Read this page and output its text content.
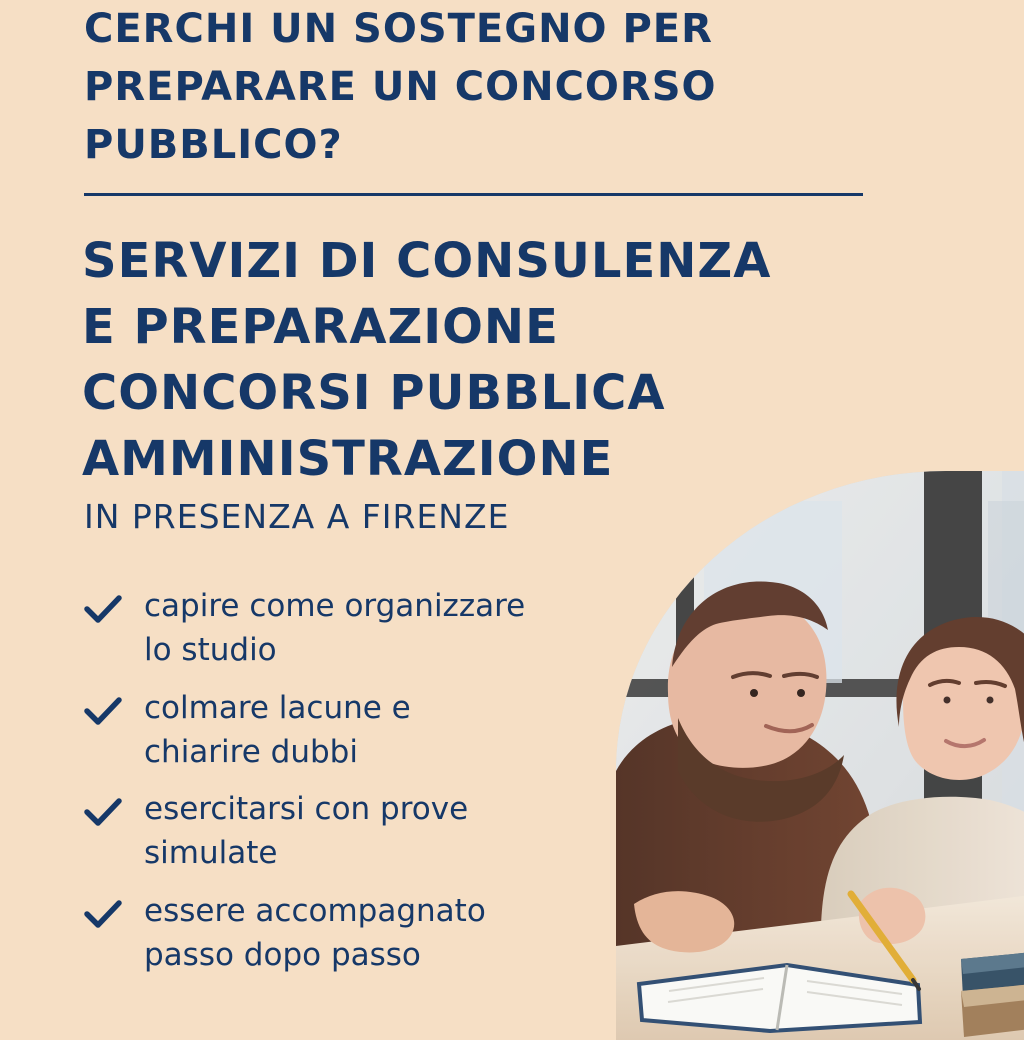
CERCHI UN SOSTEGNO PER
PREPARARE UN CONCORSO
PUBBLICO?
SERVIZI DI CONSULENZA
E PREPARAZIONE
CONCORSI PUBBLICA
AMMINISTRAZIONE

IN PRESENZA A FIRENZE

capire come organizzare
lo studio
colmare lacune e
chiarire dubbi
esercitarsi con prove
simulate
essere accompagnato
passo dopo passo
